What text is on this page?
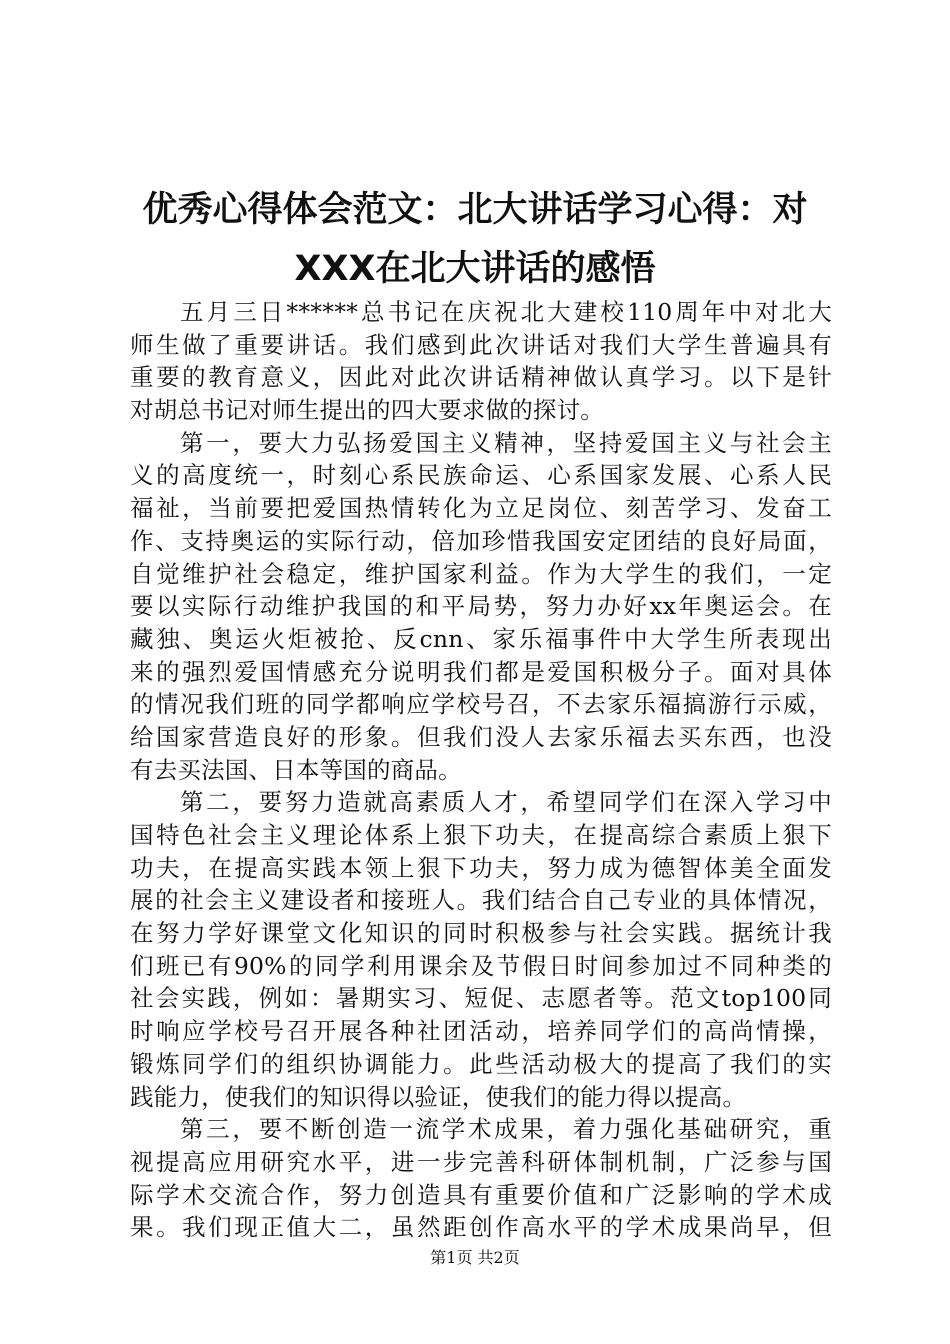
优秀心得体会范文：北大讲话学习心得：对
XXX在北大讲话的感悟
五月三日******总书记在庆祝北大建校110周年中对北大
师生做了重要讲话。我们感到此次讲话对我们大学生普遍具有
重要的教育意义，因此对此次讲话精神做认真学习。以下是针
对胡总书记对师生提出的四大要求做的探讨。
第一，要大力弘扬爱国主义精神，坚持爱国主义与社会主
义的高度统一，时刻心系民族命运、心系国家发展、心系人民
福祉，当前要把爱国热情转化为立足岗位、刻苦学习、发奋工
作、支持奥运的实际行动，倍加珍惜我国安定团结的良好局面，
自觉维护社会稳定，维护国家利益。作为大学生的我们，一定
要以实际行动维护我国的和平局势，努力办好xx年奥运会。在
藏独、奥运火炬被抢、反cnn、家乐福事件中大学生所表现出
来的强烈爱国情感充分说明我们都是爱国积极分子。面对具体
的情况我们班的同学都响应学校号召，不去家乐福搞游行示威，
给国家营造良好的形象。但我们没人去家乐福去买东西，也没
有去买法国、日本等国的商品。
第二，要努力造就高素质人才，希望同学们在深入学习中
国特色社会主义理论体系上狠下功夫，在提高综合素质上狠下
功夫，在提高实践本领上狠下功夫，努力成为德智体美全面发
展的社会主义建设者和接班人。我们结合自己专业的具体情况，
在努力学好课堂文化知识的同时积极参与社会实践。据统计我
们班已有90%的同学利用课余及节假日时间参加过不同种类的
社会实践，例如：暑期实习、短促、志愿者等。范文top100同
时响应学校号召开展各种社团活动，培养同学们的高尚情操，
锻炼同学们的组织协调能力。此些活动极大的提高了我们的实
践能力，使我们的知识得以验证，使我们的能力得以提高。
第三，要不断创造一流学术成果，着力强化基础研究，重
视提高应用研究水平，进一步完善科研体制机制，广泛参与国
际学术交流合作，努力创造具有重要价值和广泛影响的学术成
果。我们现正值大二，虽然距创作高水平的学术成果尚早，但
第1页 共2页
